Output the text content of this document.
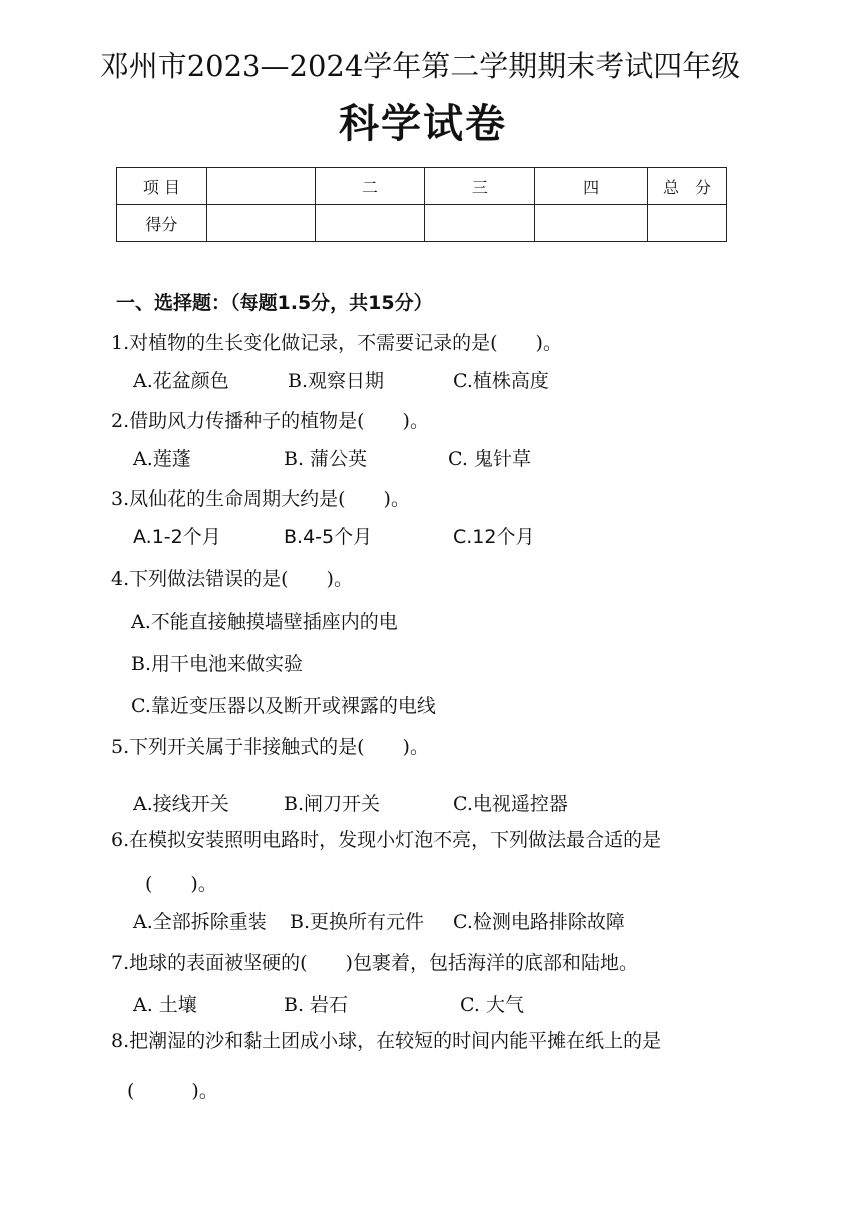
邓州市2023—2024学年第二学期期末考试四年级
科学试卷
项 目		二	三	四	总　分
得分					
一、选择题：（每题1.5分，共15分）
1.对植物的生长变化做记录，不需要记录的是(　　)。
A.花盆颜色	B.观察日期	C.植株高度
2.借助风力传播种子的植物是(　　)。
A.莲蓬	B. 蒲公英	C. 鬼针草
3.凤仙花的生命周期大约是(　　)。
A.1-2个月	B.4-5个月	C.12个月
4.下列做法错误的是(　　)。
A.不能直接触摸墙壁插座内的电
B.用干电池来做实验
C.靠近变压器以及断开或裸露的电线
5.下列开关属于非接触式的是(　　)。
A.接线开关	B.闸刀开关	C.电视遥控器
6.在模拟安装照明电路时，发现小灯泡不亮，下列做法最合适的是
(　　)。
A.全部拆除重装 B.更换所有元件 C.检测电路排除故障
7.地球的表面被坚硬的(　　)包裹着，包括海洋的底部和陆地。
A. 土壤	B. 岩石	C. 大气
8.把潮湿的沙和黏土团成小球，在较短的时间内能平摊在纸上的是
(　　　)。
